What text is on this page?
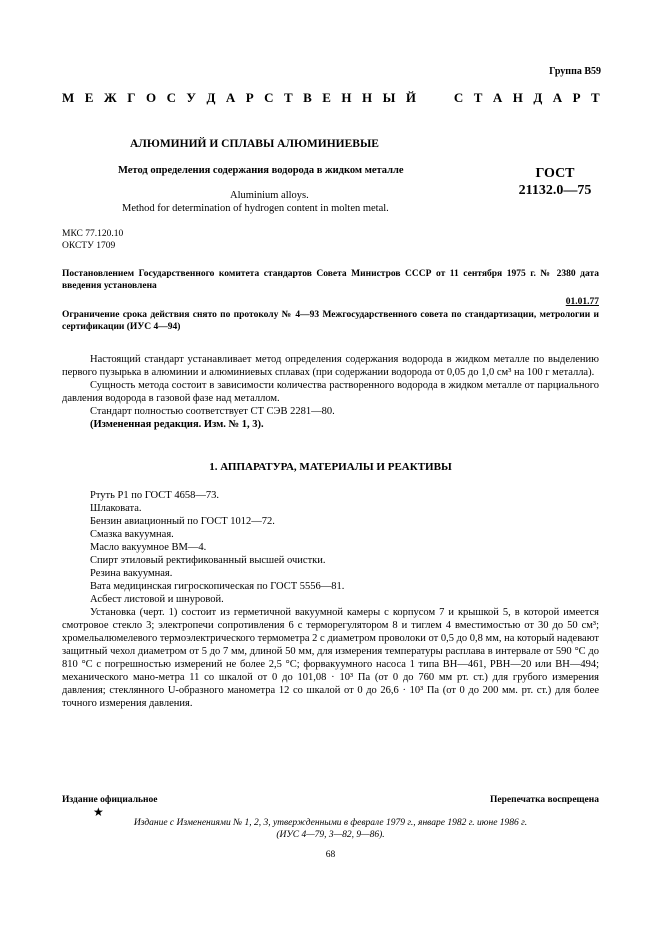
Группа В59
М Е Ж Г О С У Д А Р С Т В Е Н Н Ы Й

	С Т А Н Д А Р Т
АЛЮМИНИЙ И СПЛАВЫ АЛЮМИНИЕВЫЕ
Метод определения содержания водорода в жидком металле
Aluminium alloys.
Method for determination of hydrogen content in molten metal.
ГОСТ
21132.0—75
МКС 77.120.10
ОКСТУ 1709
Постановлением Государственного комитета стандартов Совета Министров СССР от 11 сентября 1975 г. № 2380 дата введения установлена
01.01.77
Ограничение срока действия снято по протоколу № 4—93 Межгосударственного совета по стандартизации, метрологии и сертификации (ИУС 4—94)

Настоящий стандарт устанавливает метод определения содержания водорода в жидком металле по выделению первого пузырька в алюминии и алюминиевых сплавах (при содержании водорода от 0,05 до 1,0 см³ на 100 г металла).

Сущность метода состоит в зависимости количества растворенного водорода в жидком металле от парциального давления водорода в газовой фазе над металлом.

Стандарт полностью соответствует СТ СЭВ 2281—80.

(Измененная редакция. Изм. № 1, 3).

1. АППАРАТУРА, МАТЕРИАЛЫ И РЕАКТИВЫ

Ртуть Р1 по ГОСТ 4658—73.

Шлаковата.

Бензин авиационный по ГОСТ 1012—72.

Смазка вакуумная.

Масло вакуумное ВМ—4.

Спирт этиловый ректификованный высшей очистки.

Резина вакуумная.

Вата медицинская гигроскопическая по ГОСТ 5556—81.

Асбест листовой и шнуровой.

Установка (черт. 1) состоит из герметичной вакуумной камеры с корпусом 7 и крышкой 5, в которой имеется смотровое стекло 3; электропечи сопротивления 6 с терморегулятором 8 и тиглем 4 вместимостью от 30 до 50 см³; хромельалюмелевого термоэлектрического термометра 2 с диаметром проволоки от 0,5 до 0,8 мм, на который надевают защитный чехол диаметром от 5 до 7 мм, длиной 50 мм, для измерения температуры расплава в интервале от 590 °С до 810 °С с погрешностью измерений не более 2,5 °С; форвакуумного насоса 1 типа ВН—461, РВН—20 или ВН—494; механического мано-метра 11 со шкалой от 0 до 101,08 · 10³ Па (от 0 до 760 мм рт. ст.) для грубого измерения давления; стеклянного U-образного манометра 12 со шкалой от 0 до 26,6 · 10³ Па (от 0 до 200 мм. рт. ст.) для более точного измерения давления.

Издание официальное	Перепечатка воспрещена
★
Издание с Изменениями № 1, 2, 3, утвержденными в феврале 1979 г., январе 1982 г. июне 1986 г.
(ИУС 4—79, 3—82, 9—86).
68
